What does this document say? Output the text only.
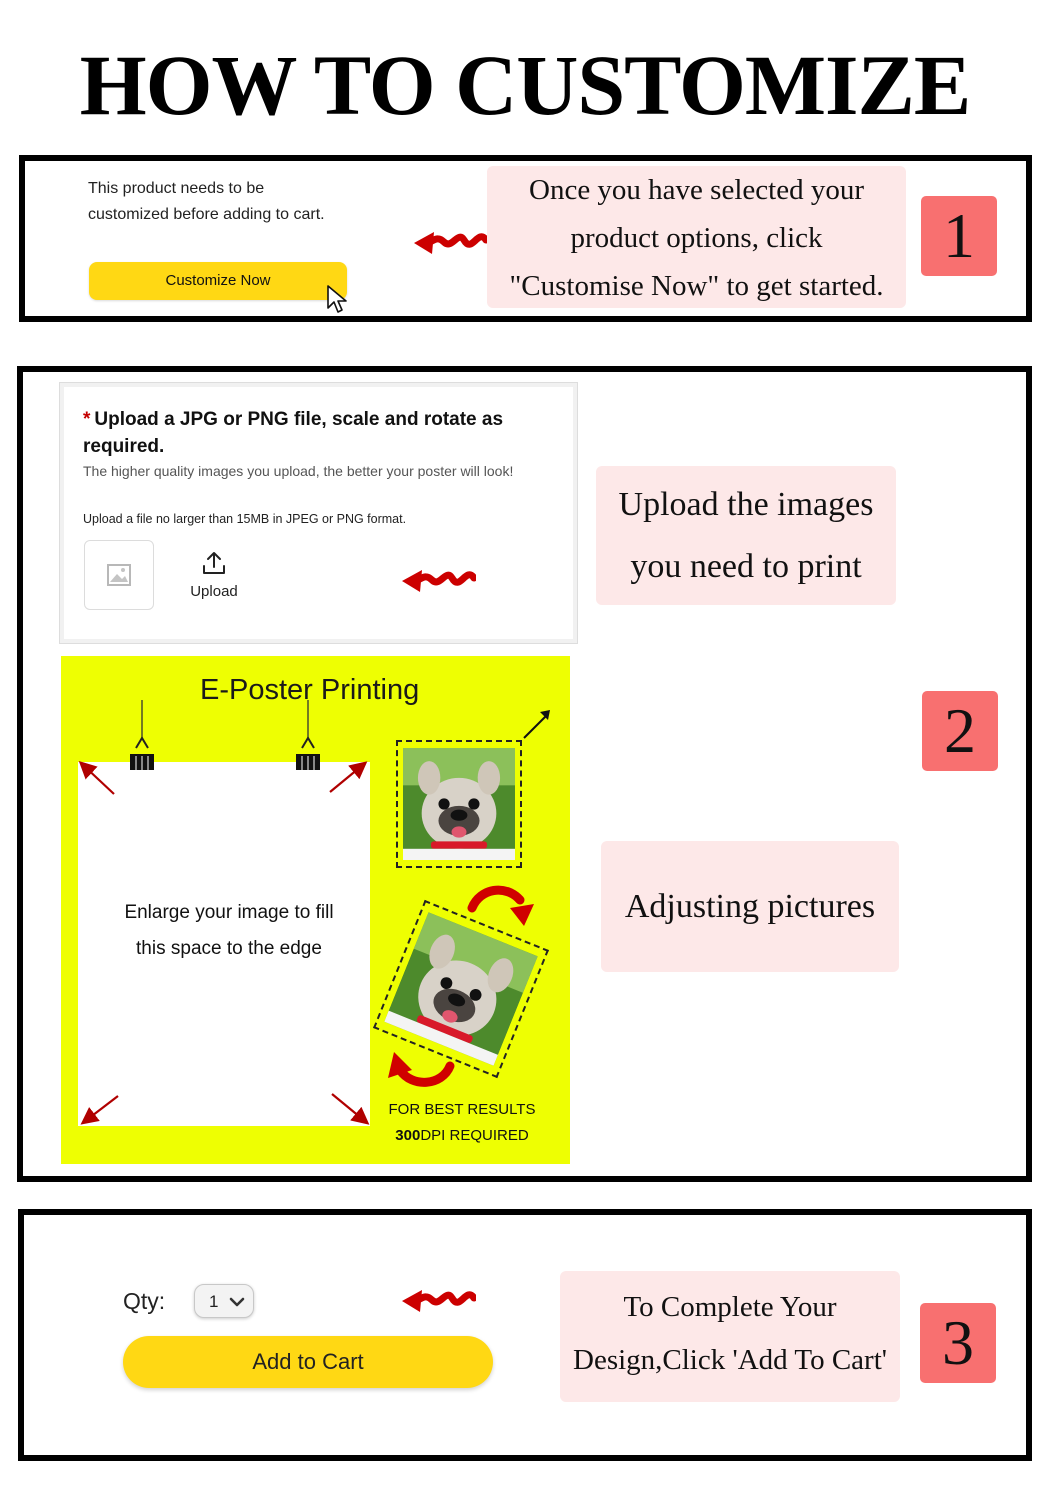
HOW TO CUSTOMIZE
This product needs to be customized before adding to cart.
Customize Now
Once you have selected your
product options, click
"Customise Now" to get started.
1
* Upload a JPG or PNG file, scale and rotate as required.
The higher quality images you upload, the better your poster will look!
Upload a file no larger than 15MB in JPEG or PNG format.
Upload
Upload the images
you need to print
E-Poster Printing
Enlarge your image to fill
this space to the edge
FOR BEST RESULTS
300DPI REQUIRED
2
Adjusting pictures
Qty:	1
Add to Cart
To Complete Your
Design,Click 'Add To Cart' 3
